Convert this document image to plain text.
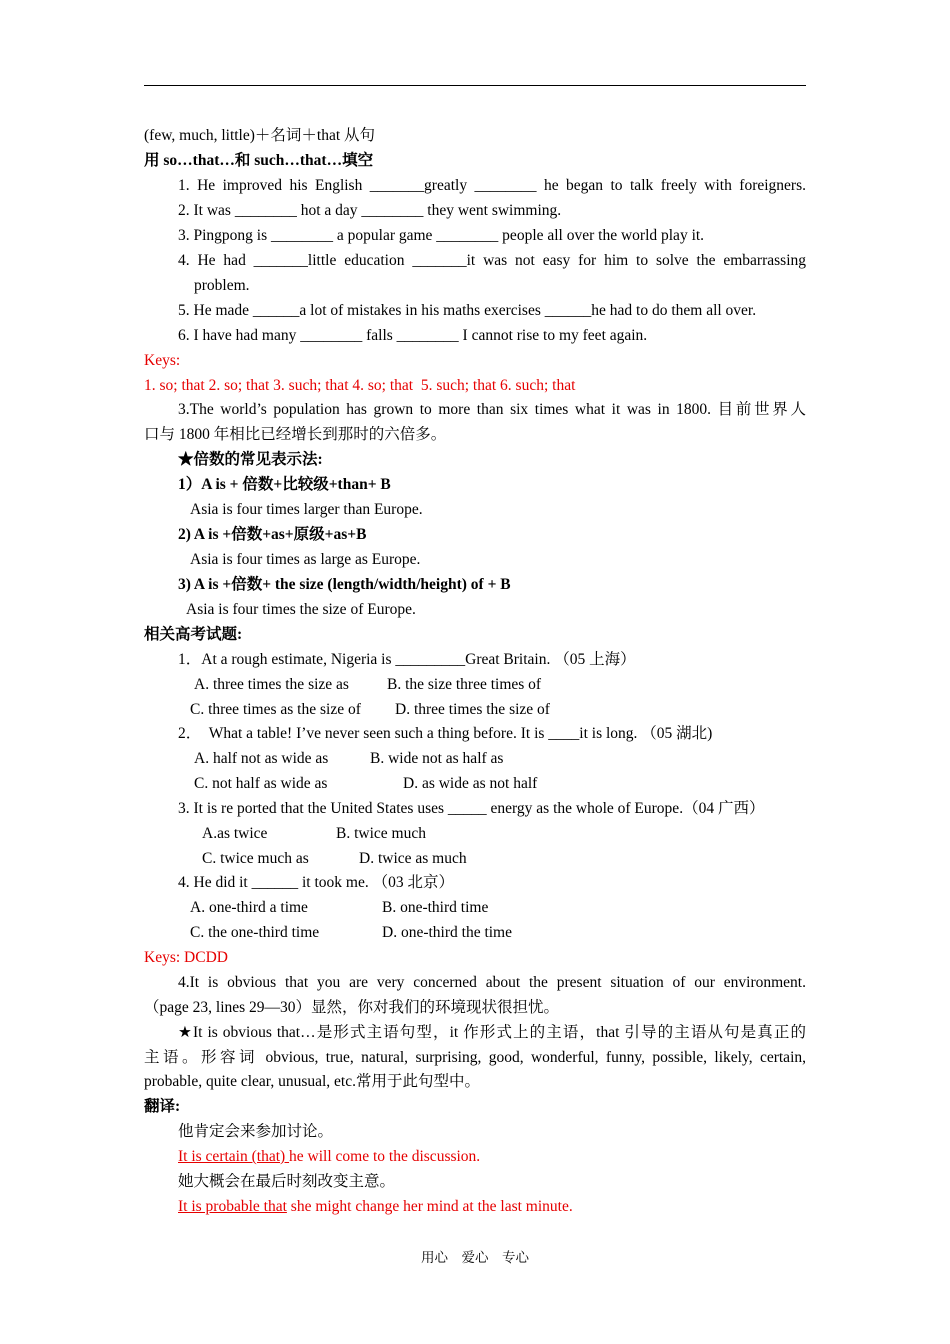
(few, much, little)＋名词＋that 从句
用 so…that…和 such…that…填空
1. He improved his English _______greatly ________ he began to talk freely with foreigners.
2. It was ________ hot a day ________ they went swimming.
3. Pingpong is ________ a popular game ________ people all over the world play it.
4. He had _______little education _______it was not easy for him to solve the embarrassing
problem.
5. He made ______a lot of mistakes in his maths exercises ______he had to do them all over.
6. I have had many ________ falls ________ I cannot rise to my feet again.
Keys:
1. so; that 2. so; that 3. such; that 4. so; that  5. such; that 6. such; that
3.The world’s population has grown to more than six times what it was in 1800. 目前世界人
口与 1800 年相比已经增长到那时的六倍多。
★倍数的常见表示法:
1）A is + 倍数+比较级+than+ B
Asia is four times larger than Europe.
2) A is +倍数+as+原级+as+B
Asia is four times as large as Europe.
3) A is +倍数+ the size (length/width/height) of + B
Asia is four times the size of Europe.
相关高考试题:
1．At a rough estimate, Nigeria is _________Great Britain. （05 上海）
A. three times the size as B. the size three times of
C. three times as the size of D. three times the size of
2．  What a table! I’ve never seen such a thing before. It is ____it is long. （05 湖北)
A. half not as wide as	B. wide not as half as
C. not half as wide as	D. as wide as not half
3. It is re ported that the United States uses _____ energy as the whole of Europe.（04 广西）
A.as twice	B. twice much
C. twice much as	D. twice as much
4. He did it ______ it took me. （03 北京）
A. one-third a time	B. one-third time
C. the one-third time	D. one-third the time
Keys: DCDD
4.It is obvious that you are very concerned about the present situation of our environment.
（page 23, lines 29—30）显然，你对我们的环境现状很担忧。
★It is obvious that…是形式主语句型，it 作形式上的主语，that 引导的主语从句是真正的
主语。形容词 obvious, true, natural, surprising, good, wonderful, funny, possible, likely, certain,
probable, quite clear, unusual, etc.常用于此句型中。
翻译:
他肯定会来参加讨论。
It is certain (that) he will come to the discussion.
她大概会在最后时刻改变主意。
It is probable that she might change her mind at the last minute.
用心    爱心    专心
